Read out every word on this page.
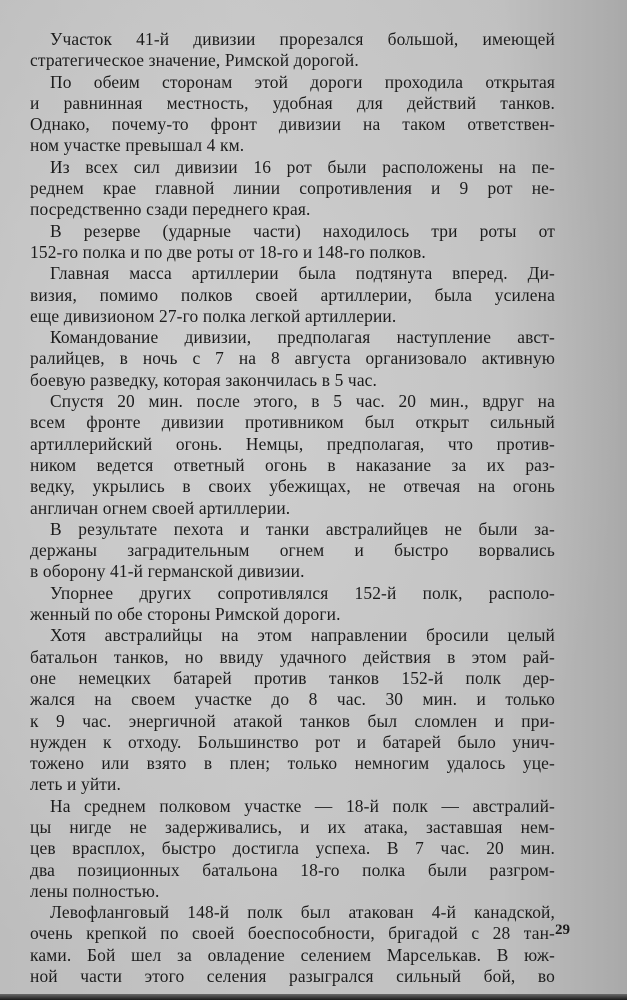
Участок 41-й дивизии прорезался большой, имеющей
стратегическое значение, Римской дорогой.
По обеим сторонам этой дороги проходила открытая
и равнинная местность, удобная для действий танков.
Однако, почему-то фронт дивизии на таком ответствен-
ном участке превышал 4 км.
Из всех сил дивизии 16 рот были расположены на пе-
реднем крае главной линии сопротивления и 9 рот не-
посредственно сзади переднего края.
В резерве (ударные части) находилось три роты от
152-го полка и по две роты от 18-го и 148-го полков.
Главная масса артиллерии была подтянута вперед. Ди-
визия, помимо полков своей артиллерии, была усилена
еще дивизионом 27-го полка легкой артиллерии.
Командование дивизии, предполагая наступление авст-
ралийцев, в ночь с 7 на 8 августа организовало активную
боевую разведку, которая закончилась в 5 час.
Спустя 20 мин. после этого, в 5 час. 20 мин., вдруг на
всем фронте дивизии противником был открыт сильный
артиллерийский огонь. Немцы, предполагая, что против-
ником ведется ответный огонь в наказание за их раз-
ведку, укрылись в своих убежищах, не отвечая на огонь
англичан огнем своей артиллерии.
В результате пехота и танки австралийцев не были за-
держаны заградительным огнем и быстро ворвались
в оборону 41-й германской дивизии.
Упорнее других сопротивлялся 152-й полк, располо-
женный по обе стороны Римской дороги.
Хотя австралийцы на этом направлении бросили целый
батальон танков, но ввиду удачного действия в этом рай-
оне немецких батарей против танков 152-й полк дер-
жался на своем участке до 8 час. 30 мин. и только
к 9 час. энергичной атакой танков был сломлен и при-
нужден к отходу. Большинство рот и батарей было унич-
тожено или взято в плен; только немногим удалось уце-
леть и уйти.
На среднем полковом участке — 18-й полк — австралий-
цы нигде не задерживались, и их атака, заставшая нем-
цев врасплох, быстро достигла успеха. В 7 час. 20 мин.
два позиционных батальона 18-го полка были разгром-
лены полностью.
Левофланговый 148-й полк был атакован 4-й канадской,
очень крепкой по своей боеспособности, бригадой с 28 тан-
ками. Бой шел за овладение селением Марселькав. В юж-
ной части этого селения разыгрался сильный бой, во
29
